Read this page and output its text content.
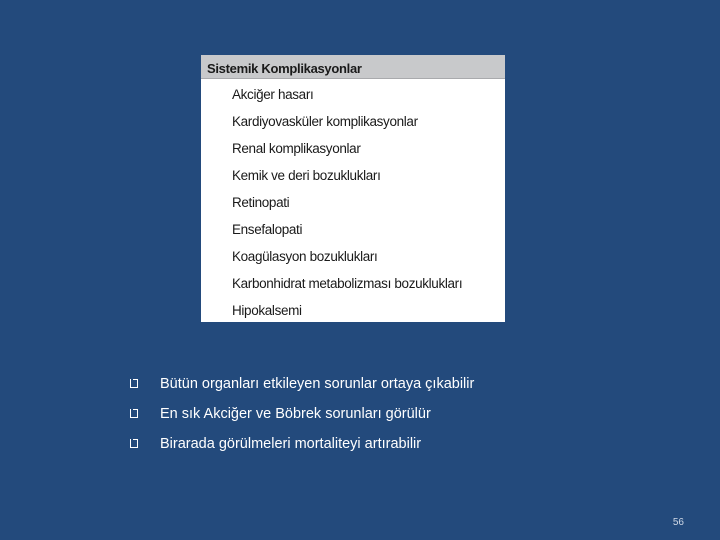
Sistemik Komplikasyonlar
Akciğer hasarı
Kardiyovasküler komplikasyonlar
Renal komplikasyonlar
Kemik ve deri bozuklukları
Retinopati
Ensefalopati
Koagülasyon bozuklukları
Karbonhidrat metabolizması bozuklukları
Hipokalsemi
Bütün organları etkileyen sorunlar ortaya çıkabilir
En sık Akciğer ve Böbrek sorunları görülür
Birarada görülmeleri mortaliteyi artırabilir
56
